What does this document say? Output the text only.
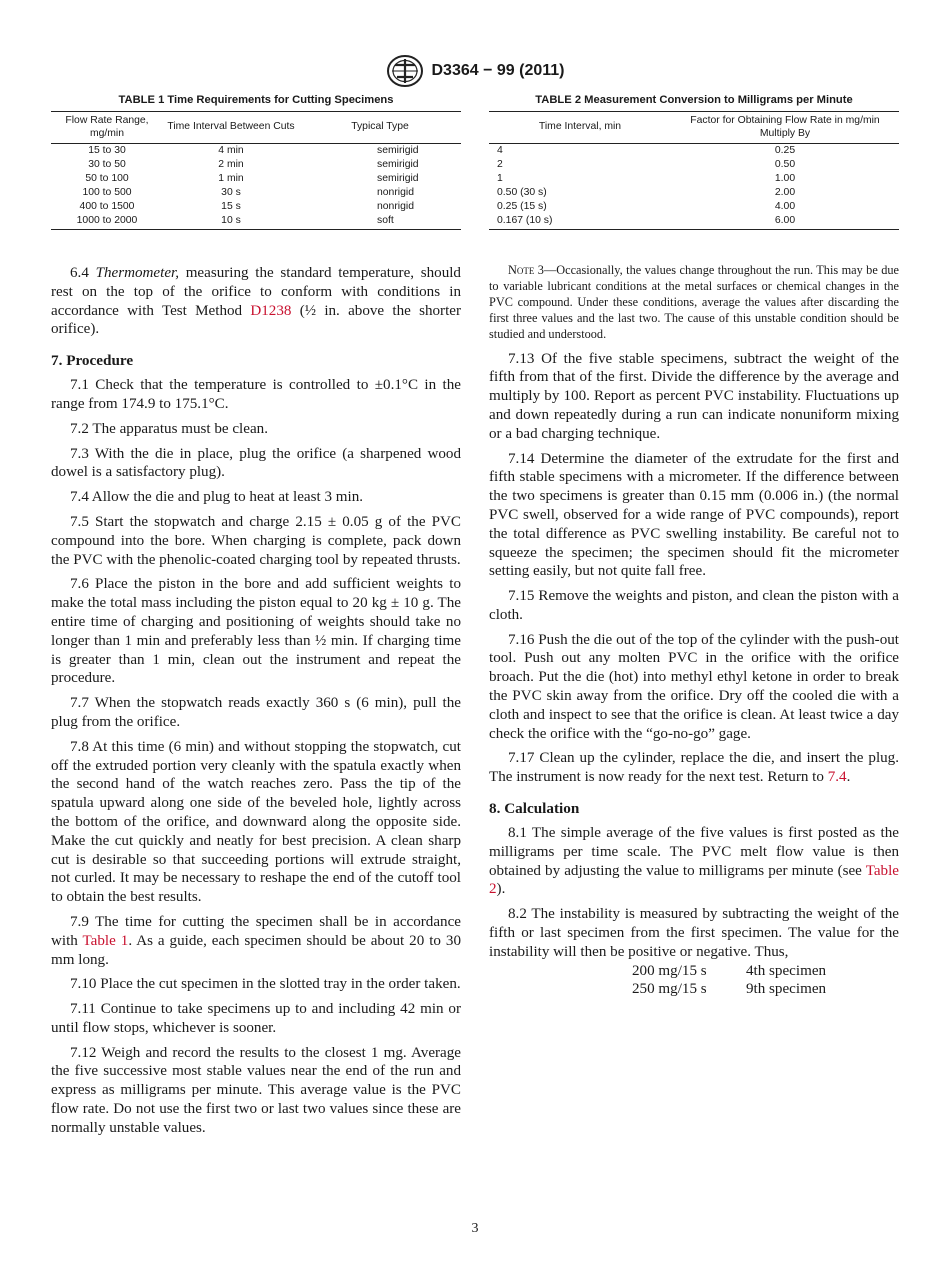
D3364 − 99 (2011)
TABLE 1 Time Requirements for Cutting Specimens
Flow Rate Range, mg/min	Time Interval Between Cuts	Typical Type
15 to 30	4 min	semirigid
30 to 50	2 min	semirigid
50 to 100	1 min	semirigid
100 to 500	30 s	nonrigid
400 to 1500	15 s	nonrigid
1000 to 2000	10 s	soft

6.4 Thermometer, measuring the standard temperature, should rest on the top of the orifice to conform with conditions in accordance with Test Method D1238 (½ in. above the shorter orifice).

7. Procedure

7.1 Check that the temperature is controlled to ±0.1°C in the range from 174.9 to 175.1°C.

7.2 The apparatus must be clean.

7.3 With the die in place, plug the orifice (a sharpened wood dowel is a satisfactory plug).

7.4 Allow the die and plug to heat at least 3 min.

7.5 Start the stopwatch and charge 2.15 ± 0.05 g of the PVC compound into the bore. When charging is complete, pack down the PVC with the phenolic-coated charging tool by repeated thrusts.

7.6 Place the piston in the bore and add sufficient weights to make the total mass including the piston equal to 20 kg ± 10 g. The entire time of charging and positioning of weights should take no longer than 1 min and preferably less than ½ min. If charging time is greater than 1 min, clean out the instrument and repeat the procedure.

7.7 When the stopwatch reads exactly 360 s (6 min), pull the plug from the orifice.

7.8 At this time (6 min) and without stopping the stopwatch, cut off the extruded portion very cleanly with the spatula exactly when the second hand of the watch reaches zero. Pass the tip of the spatula upward along one side of the beveled hole, lightly across the bottom of the orifice, and downward along the opposite side. Make the cut quickly and neatly for best precision. A clean sharp cut is desirable so that succeeding portions will extrude straight, not curled. It may be necessary to reshape the end of the cutoff tool to obtain the best results.

7.9 The time for cutting the specimen shall be in accordance with Table 1. As a guide, each specimen should be about 20 to 30 mm long.

7.10 Place the cut specimen in the slotted tray in the order taken.

7.11 Continue to take specimens up to and including 42 min or until flow stops, whichever is sooner.

7.12 Weigh and record the results to the closest 1 mg. Average the five successive most stable values near the end of the run and express as milligrams per minute. This average value is the PVC flow rate. Do not use the first two or last two values since these are normally unstable values.

TABLE 2 Measurement Conversion to Milligrams per Minute
Time Interval, min	Factor for Obtaining Flow Rate in mg/min Multiply By
4	0.25
2	0.50
1	1.00
0.50 (30 s)	2.00
0.25 (15 s)	4.00
0.167 (10 s)	6.00

Note 3—Occasionally, the values change throughout the run. This may be due to variable lubricant conditions at the metal surfaces or chemical changes in the PVC compound. Under these conditions, average the values after discarding the first three values and the last two. The cause of this unstable condition should be studied and understood.

7.13 Of the five stable specimens, subtract the weight of the fifth from that of the first. Divide the difference by the average and multiply by 100. Report as percent PVC instability. Fluctuations up and down repeatedly during a run can indicate nonuniform mixing or a bad charging technique.

7.14 Determine the diameter of the extrudate for the first and fifth stable specimens with a micrometer. If the difference between the two specimens is greater than 0.15 mm (0.006 in.) (the normal PVC swell, observed for a wide range of PVC compounds), report the total difference as PVC swelling instability. Be careful not to squeeze the specimen; the specimen should fit the micrometer setting easily, but not quite fall free.

7.15 Remove the weights and piston, and clean the piston with a cloth.

7.16 Push the die out of the top of the cylinder with the push-out tool. Push out any molten PVC in the orifice with the orifice broach. Put the die (hot) into methyl ethyl ketone in order to break the PVC skin away from the orifice. Dry off the cooled die with a cloth and inspect to see that the orifice is clean. At least twice a day check the orifice with the “go-no-go” gage.

7.17 Clean up the cylinder, replace the die, and insert the plug. The instrument is now ready for the next test. Return to 7.4.

8. Calculation

8.1 The simple average of the five values is first posted as the milligrams per time scale. The PVC melt flow value is then obtained by adjusting the value to milligrams per minute (see Table 2).

8.2 The instability is measured by subtracting the weight of the fifth or last specimen from the first specimen. The value for the instability will then be positive or negative. Thus,

200 mg/15 s	4th specimen
250 mg/15 s	9th specimen
3
